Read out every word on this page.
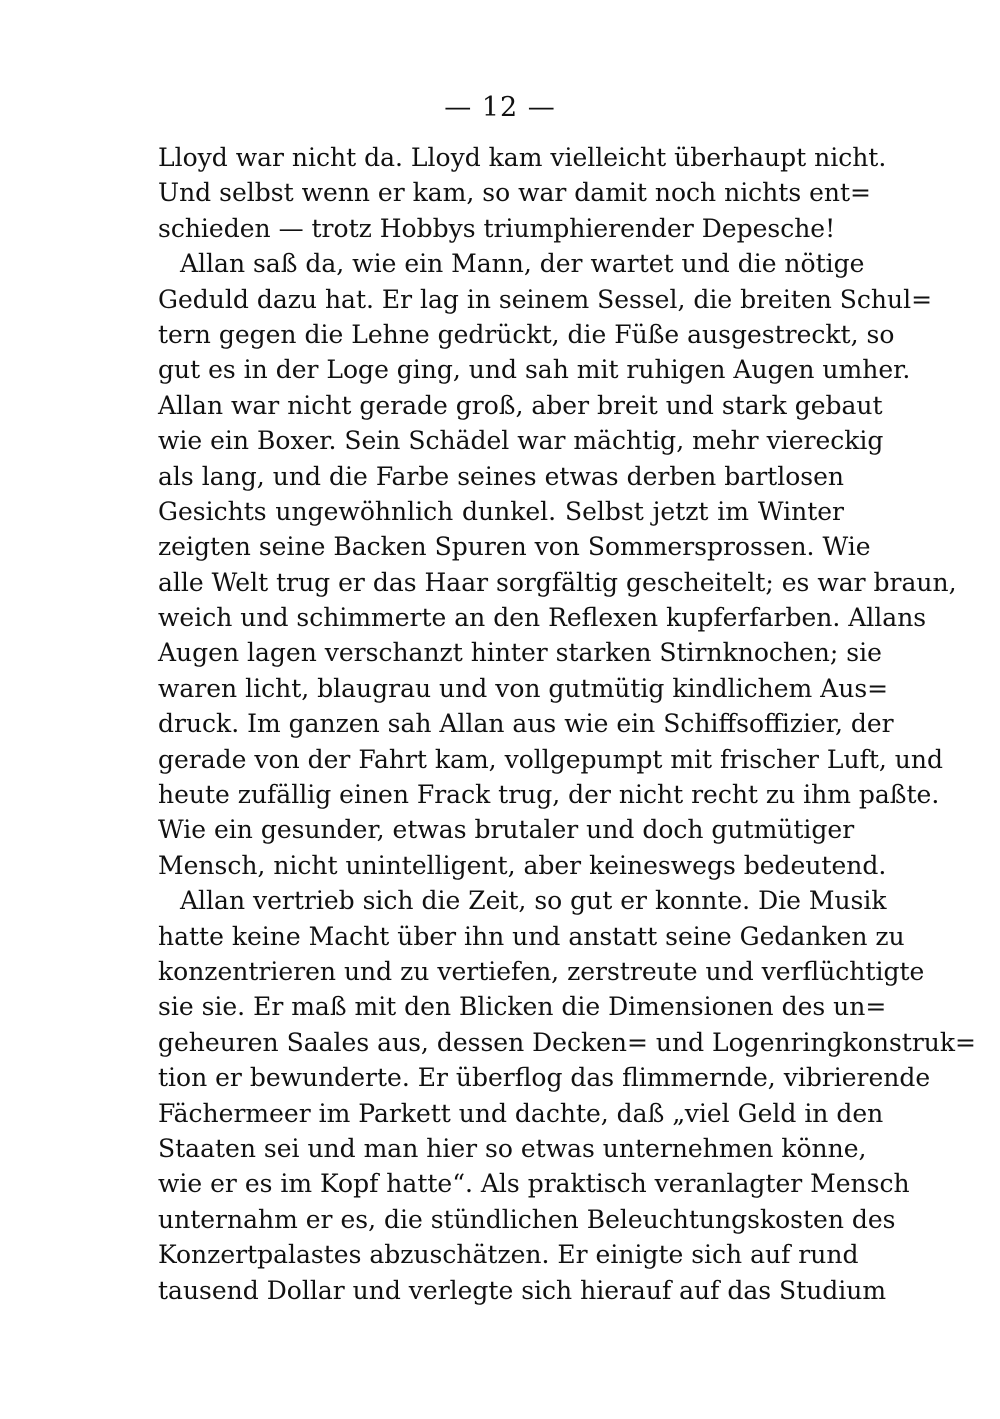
— 12 —
Lloyd war nicht da. Lloyd kam vielleicht überhaupt nicht.
Und selbst wenn er kam, so war damit noch nichts ent=
schieden — trotz Hobbys triumphierender Depesche!
Allan saß da, wie ein Mann, der wartet und die nötige
Geduld dazu hat. Er lag in seinem Sessel, die breiten Schul=
tern gegen die Lehne gedrückt, die Füße ausgestreckt, so
gut es in der Loge ging, und sah mit ruhigen Augen umher.
Allan war nicht gerade groß, aber breit und stark gebaut
wie ein Boxer. Sein Schädel war mächtig, mehr viereckig
als lang, und die Farbe seines etwas derben bartlosen
Gesichts ungewöhnlich dunkel. Selbst jetzt im Winter
zeigten seine Backen Spuren von Sommersprossen. Wie
alle Welt trug er das Haar sorgfältig gescheitelt; es war braun,
weich und schimmerte an den Reflexen kupferfarben. Allans
Augen lagen verschanzt hinter starken Stirnknochen; sie
waren licht, blaugrau und von gutmütig kindlichem Aus=
druck. Im ganzen sah Allan aus wie ein Schiffsoffizier, der
gerade von der Fahrt kam, vollgepumpt mit frischer Luft, und
heute zufällig einen Frack trug, der nicht recht zu ihm paßte.
Wie ein gesunder, etwas brutaler und doch gutmütiger
Mensch, nicht unintelligent, aber keineswegs bedeutend.
Allan vertrieb sich die Zeit, so gut er konnte. Die Musik
hatte keine Macht über ihn und anstatt seine Gedanken zu
konzentrieren und zu vertiefen, zerstreute und verflüchtigte
sie sie. Er maß mit den Blicken die Dimensionen des un=
geheuren Saales aus, dessen Decken= und Logenringkonstruk=
tion er bewunderte. Er überflog das flimmernde, vibrierende
Fächermeer im Parkett und dachte, daß „viel Geld in den
Staaten sei und man hier so etwas unternehmen könne,
wie er es im Kopf hatte“. Als praktisch veranlagter Mensch
unternahm er es, die stündlichen Beleuchtungskosten des
Konzertpalastes abzuschätzen. Er einigte sich auf rund
tausend Dollar und verlegte sich hierauf auf das Studium
